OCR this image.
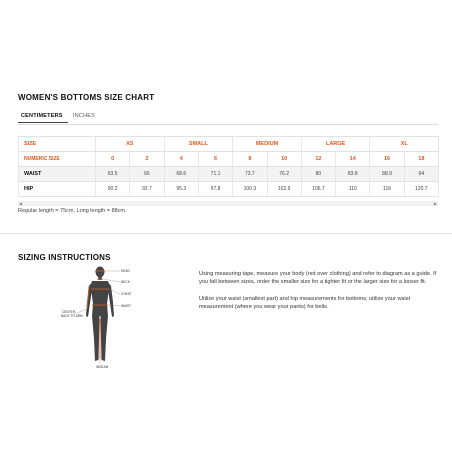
WOMEN'S BOTTOMS SIZE CHART
CENTIMETERS	INCHES
SIZE	XS		SMALL		MEDIUM		LARGE		XL	
NUMERIC SIZE	0	2	4	6	8	10	12	14	16	18
WAIST	63.5	66	68.6	71.1	73.7	76.2	80	83.8	88.9	94
HIP	90.2	92.7	95.3	97.8	100.3	102.9	106.7	110	116	120.7
◀	▶
Regular length = 75cm, Long length = 88cm.
SIZING INSTRUCTIONS
HEAD
NECK
CHEST
WAIST
CENTER
BACK TO ARM
INSEAM

Using measuring tape, measure your body (not over clothing) and refer to diagram as a guide. If you fall between sizes, order the smaller size for a tighter fit or the larger size for a looser fit.

Utilize your waist (smallest part) and hip measurements for bottoms; utilize your waist measurement (where you wear your pants) for belts.
